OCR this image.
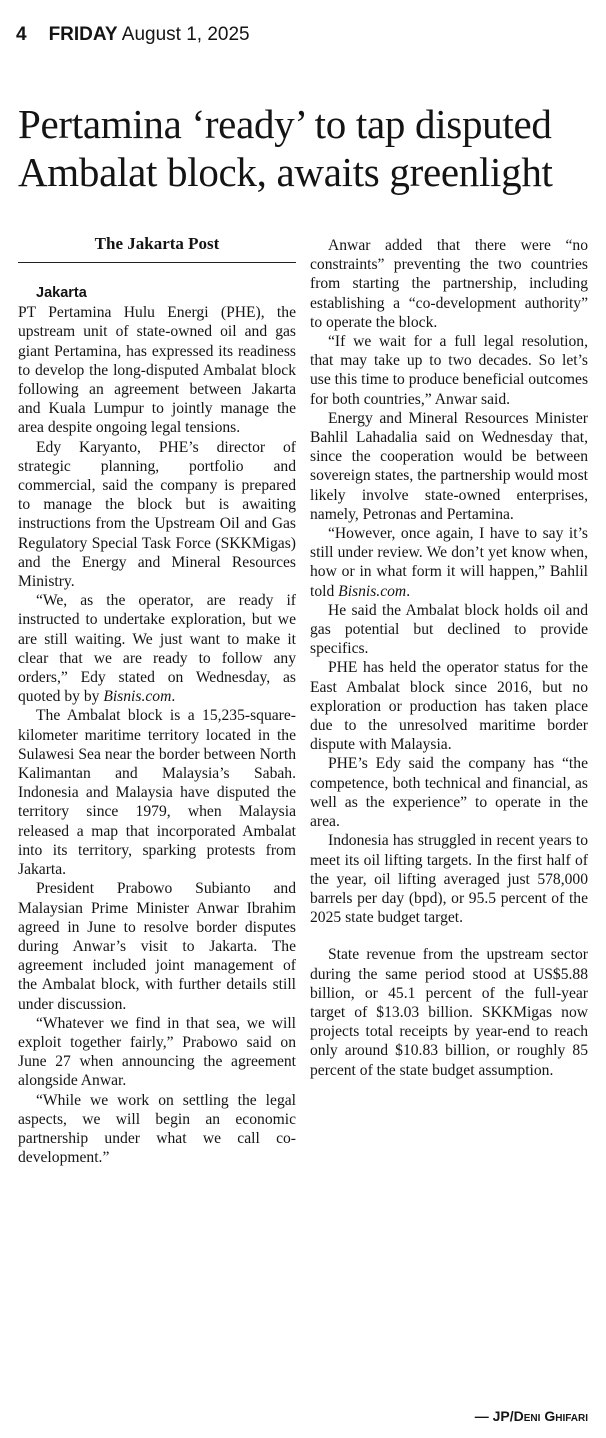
4 FRIDAY August 1, 2025
Pertamina ‘ready’ to tap disputed Ambalat block, awaits greenlight
The Jakarta Post

Jakarta

PT Pertamina Hulu Energi (PHE), the upstream unit of state-owned oil and gas giant Pertamina, has expressed its readiness to develop the long-disputed Ambalat block following an agreement between Jakarta and Kuala Lumpur to jointly manage the area despite ongoing legal tensions.

Edy Karyanto, PHE’s director of strategic planning, portfolio and commercial, said the company is prepared to manage the block but is awaiting instructions from the Upstream Oil and Gas Regulatory Special Task Force (SKKMigas) and the Energy and Mineral Resources Ministry.

“We, as the operator, are ready if instructed to undertake exploration, but we are still waiting. We just want to make it clear that we are ready to follow any orders,” Edy stated on Wednesday, as quoted by by Bisnis.com.

The Ambalat block is a 15,235-square-kilometer maritime territory located in the Sulawesi Sea near the border between North Kalimantan and Malaysia’s Sabah. Indonesia and Malaysia have disputed the territory since 1979, when Malaysia released a map that incorporated Ambalat into its territory, sparking protests from Jakarta.

President Prabowo Subianto and Malaysian Prime Minister Anwar Ibrahim agreed in June to resolve border disputes during Anwar’s visit to Jakarta. The agreement included joint management of the Ambalat block, with further details still under discussion.

“Whatever we find in that sea, we will exploit together fairly,” Prabowo said on June 27 when announcing the agreement alongside Anwar.

“While we work on settling the legal aspects, we will begin an economic partnership under what we call co-development.”

Anwar added that there were “no constraints” preventing the two countries from starting the partnership, including establishing a “co-development authority” to operate the block.

“If we wait for a full legal resolution, that may take up to two decades. So let’s use this time to produce beneficial outcomes for both countries,” Anwar said.

Energy and Mineral Resources Minister Bahlil Lahadalia said on Wednesday that, since the cooperation would be between sovereign states, the partnership would most likely involve state-owned enterprises, namely, Petronas and Pertamina.

“However, once again, I have to say it’s still under review. We don’t yet know when, how or in what form it will happen,” Bahlil told Bisnis.com.

He said the Ambalat block holds oil and gas potential but declined to provide specifics.

PHE has held the operator status for the East Ambalat block since 2016, but no exploration or production has taken place due to the unresolved maritime border dispute with Malaysia.

PHE’s Edy said the company has “the competence, both technical and financial, as well as the experience” to operate in the area.

Indonesia has struggled in recent years to meet its oil lifting targets. In the first half of the year, oil lifting averaged just 578,000 barrels per day (bpd), or 95.5 percent of the 2025 state budget target.

State revenue from the upstream sector during the same period stood at US$5.88 billion, or 45.1 percent of the full-year target of $13.03 billion. SKKMigas now projects total receipts by year-end to reach only around $10.83 billion, or roughly 85 percent of the state budget assumption.

— JP/Deni Ghifari
